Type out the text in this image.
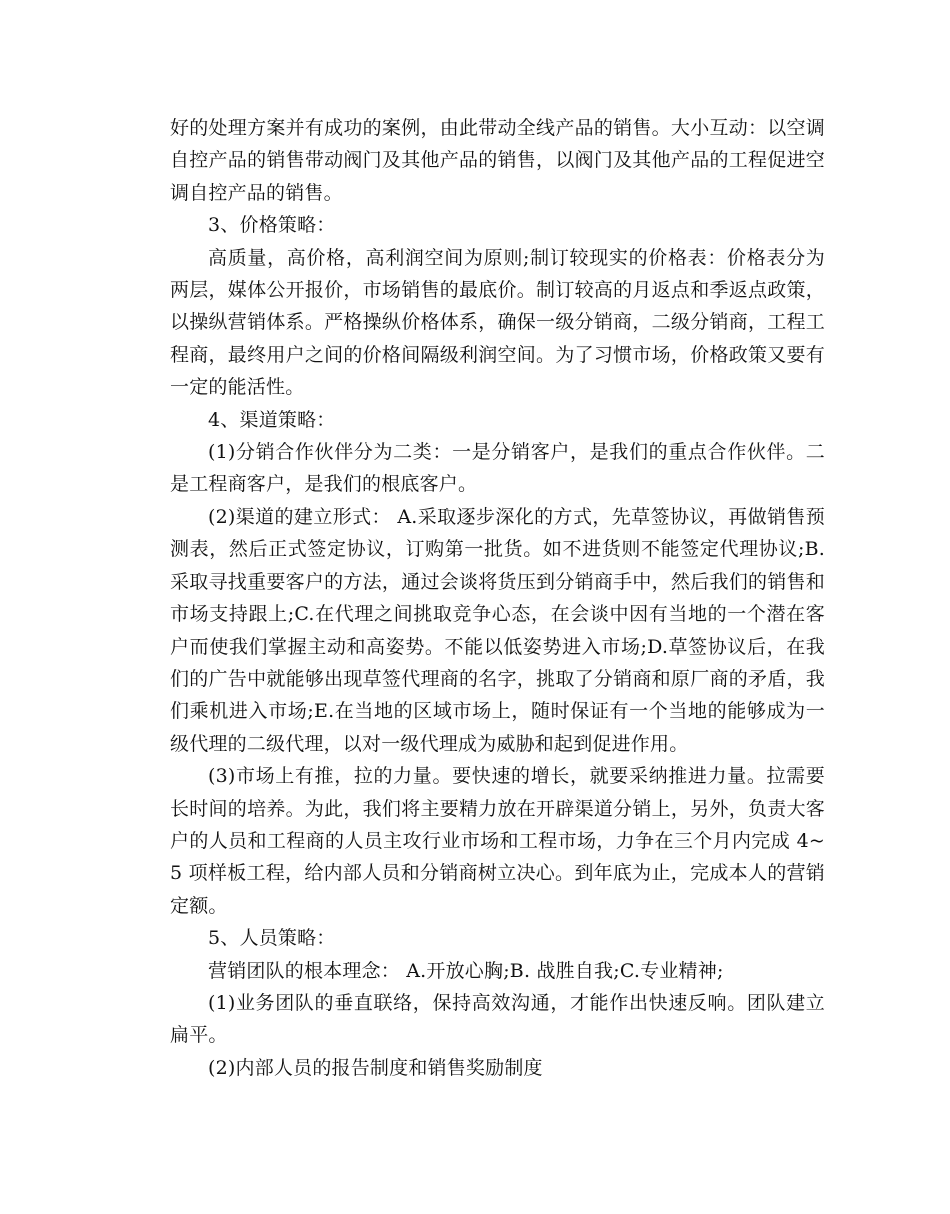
好的处理方案并有成功的案例，由此带动全线产品的销售。大小互动：以空调自控产品的销售带动阀门及其他产品的销售，以阀门及其他产品的工程促进空调自控产品的销售。

3、价格策略：

高质量，高价格，高利润空间为原则;制订较现实的价格表：价格表分为两层，媒体公开报价，市场销售的最底价。制订较高的月返点和季返点政策，以操纵营销体系。严格操纵价格体系，确保一级分销商，二级分销商，工程工程商，最终用户之间的价格间隔级利润空间。为了习惯市场，价格政策又要有一定的能活性。

4、渠道策略：

(1)分销合作伙伴分为二类：一是分销客户，是我们的重点合作伙伴。二是工程商客户，是我们的根底客户。

(2)渠道的建立形式： A.采取逐步深化的方式，先草签协议，再做销售预测表，然后正式签定协议，订购第一批货。如不进货则不能签定代理协议;B.采取寻找重要客户的方法，通过会谈将货压到分销商手中，然后我们的销售和市场支持跟上;C.在代理之间挑取竞争心态，在会谈中因有当地的一个潜在客户而使我们掌握主动和高姿势。不能以低姿势进入市场;D.草签协议后，在我们的广告中就能够出现草签代理商的名字，挑取了分销商和原厂商的矛盾，我们乘机进入市场;E.在当地的区域市场上，随时保证有一个当地的能够成为一级代理的二级代理，以对一级代理成为威胁和起到促进作用。

(3)市场上有推，拉的力量。要快速的增长，就要采纳推进力量。拉需要长时间的培养。为此，我们将主要精力放在开辟渠道分销上，另外，负责大客户的人员和工程商的人员主攻行业市场和工程市场，力争在三个月内完成 4~5 项样板工程，给内部人员和分销商树立决心。到年底为止，完成本人的营销定额。

5、人员策略：

营销团队的根本理念： A.开放心胸;B. 战胜自我;C.专业精神;

(1)业务团队的垂直联络，保持高效沟通，才能作出快速反响。团队建立扁平。

(2)内部人员的报告制度和销售奖励制度
